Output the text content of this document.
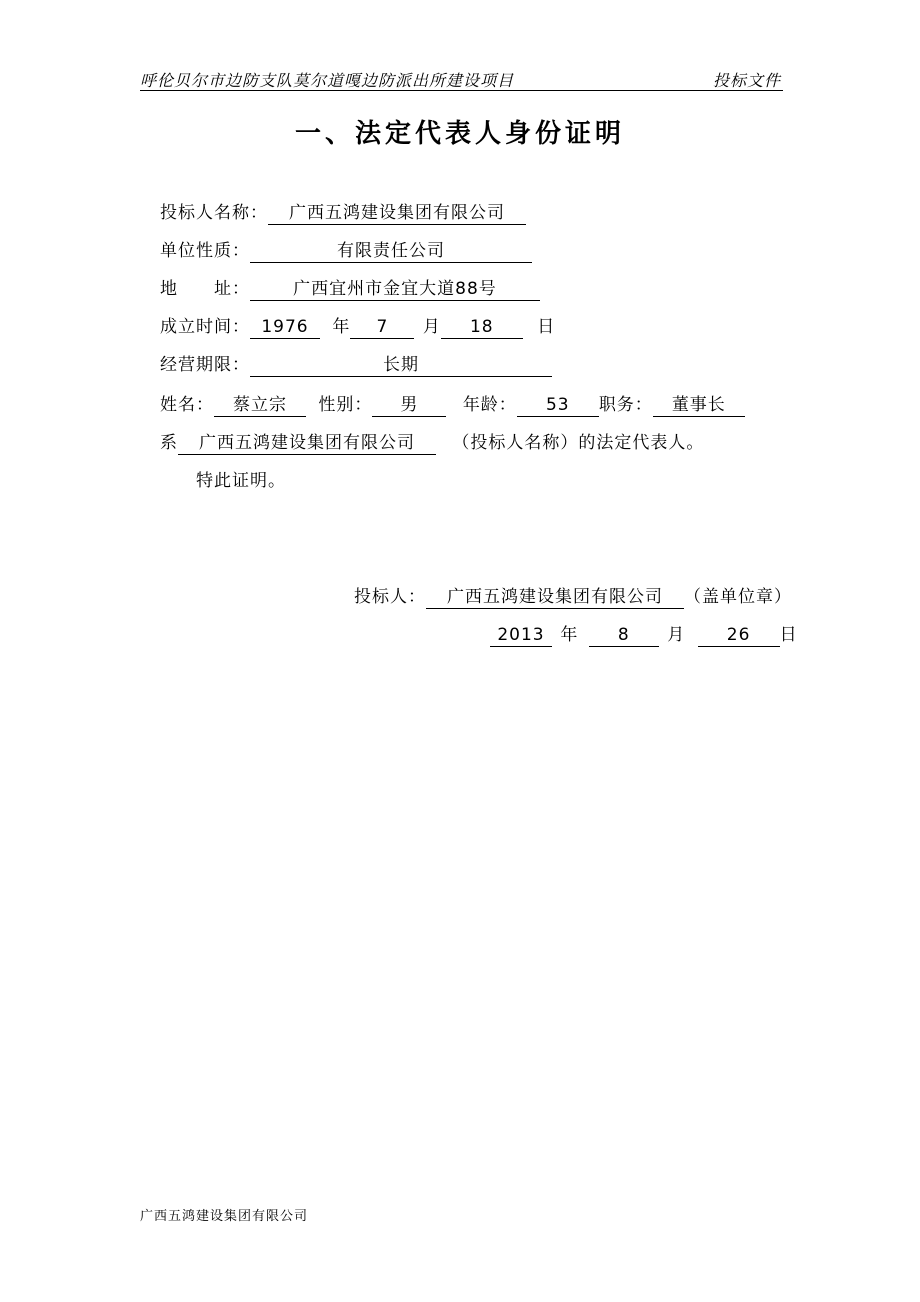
呼伦贝尔市边防支队莫尔道嘎边防派出所建设项目	投标文件
一、法定代表人身份证明
投标人名称： 广西五鸿建设集团有限公司
单位性质：	有限责任公司
地 址：	广西宜州市金宜大道88号
成立时间： 1976 年 7 月 18	日
经营期限：	长期
姓名： 蔡立宗 性别： 男	年龄： 53 职务： 董事长
系 广西五鸿建设集团有限公司 （投标人名称）的法定代表人。
特此证明。
投标人： 广西五鸿建设集团有限公司 （盖单位章）
2013 年 8 月 26 日
广西五鸿建设集团有限公司
